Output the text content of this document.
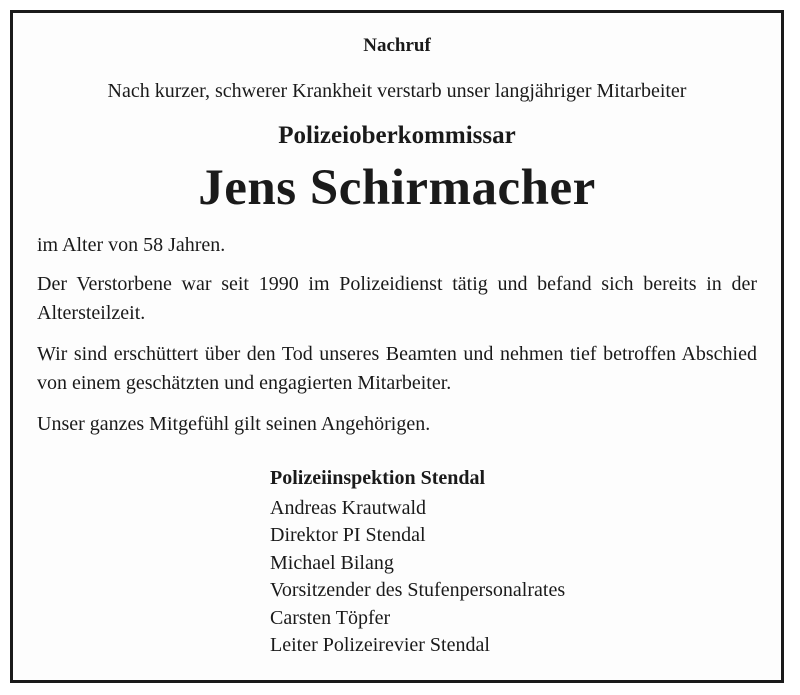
Nachruf
Nach kurzer, schwerer Krankheit verstarb unser langjähriger Mitarbeiter
Polizeioberkommissar
Jens Schirmacher
im Alter von 58 Jahren.
Der Verstorbene war seit 1990 im Polizeidienst tätig und befand sich bereits in der Altersteilzeit.
Wir sind erschüttert über den Tod unseres Beamten und nehmen tief betroffen Abschied von einem geschätzten und engagierten Mitarbeiter.
Unser ganzes Mitgefühl gilt seinen Angehörigen.
Polizeiinspektion Stendal
Andreas Krautwald
Direktor PI Stendal
Michael Bilang
Vorsitzender des Stufenpersonalrates
Carsten Töpfer
Leiter Polizeirevier Stendal
